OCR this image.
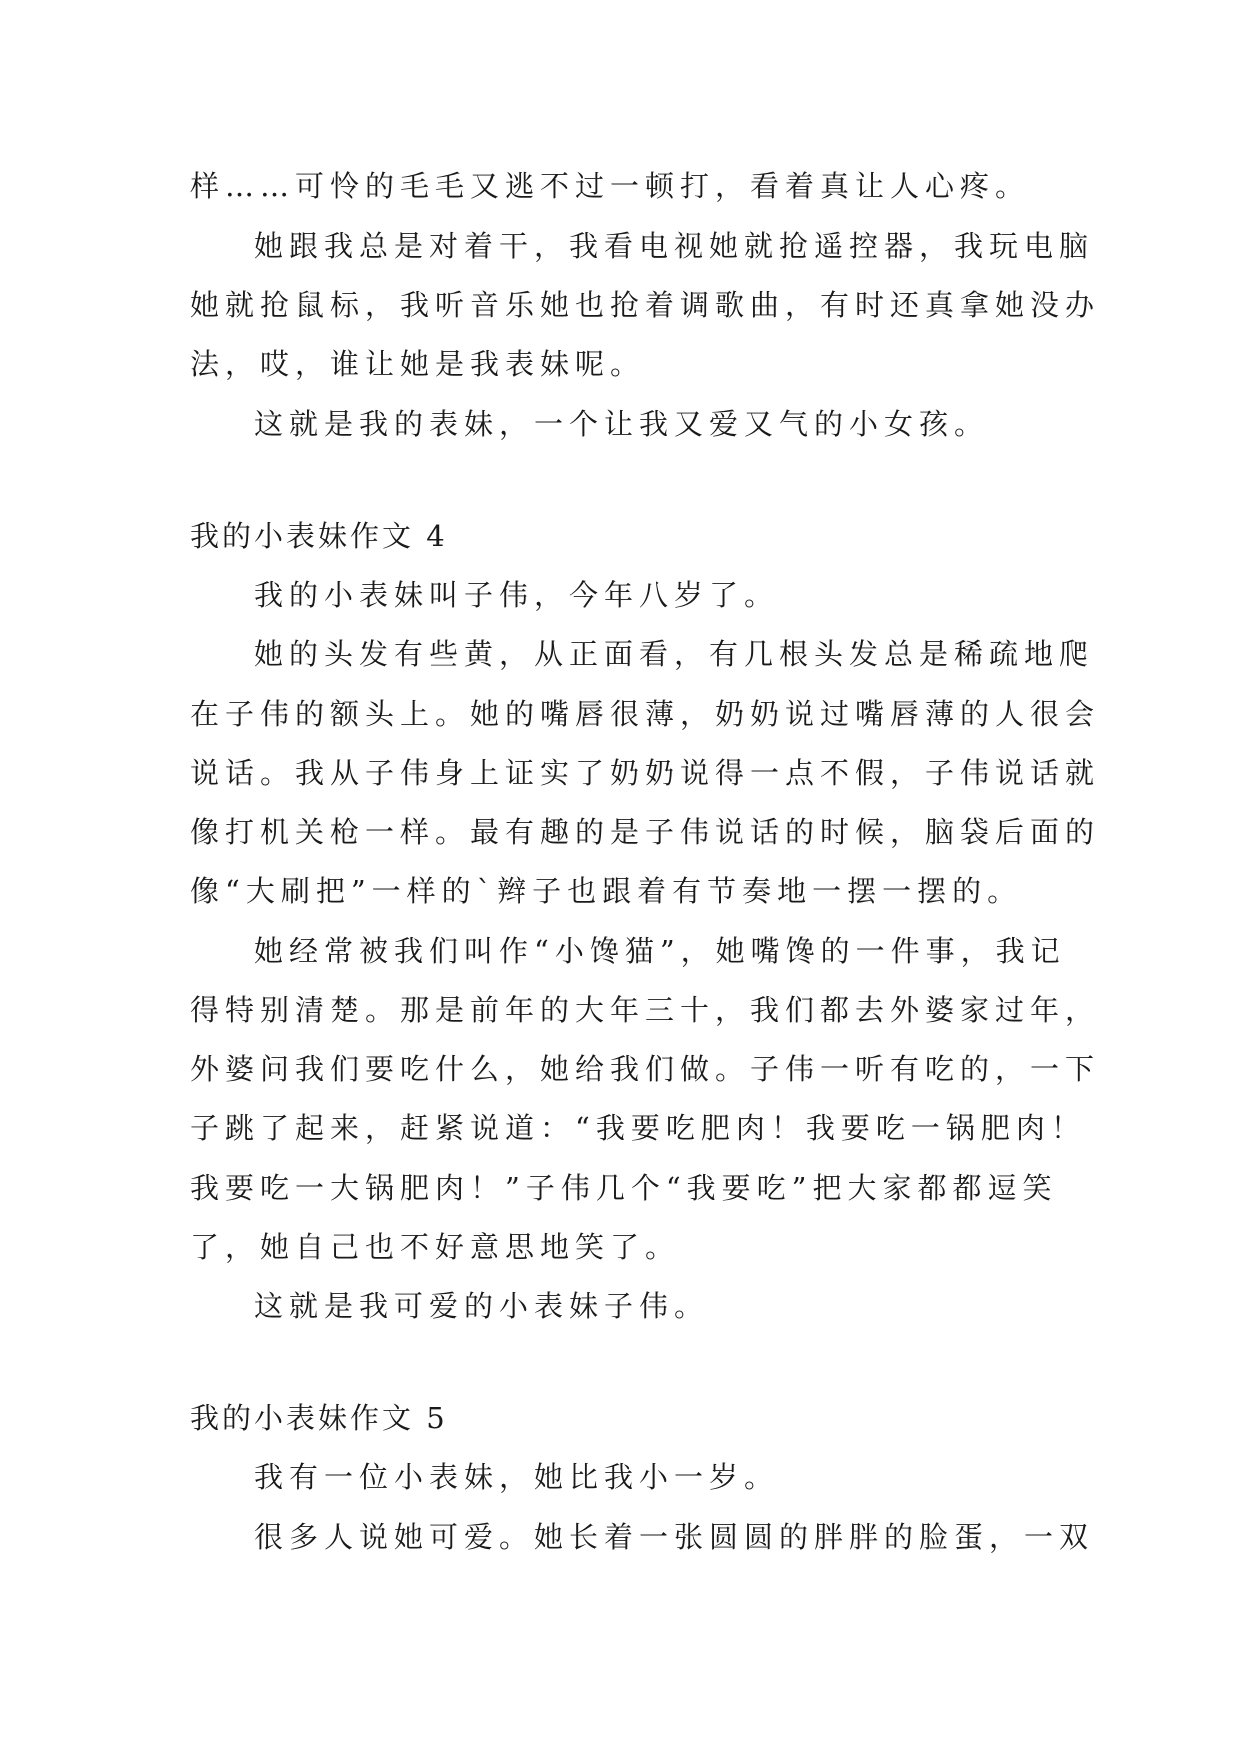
样……可怜的毛毛又逃不过一顿打，看着真让人心疼。
她跟我总是对着干，我看电视她就抢遥控器，我玩电脑
她就抢鼠标，我听音乐她也抢着调歌曲，有时还真拿她没办
法，哎，谁让她是我表妹呢。
这就是我的表妹，一个让我又爱又气的小女孩。
我的小表妹作文 4
我的小表妹叫子伟，今年八岁了。
她的头发有些黄，从正面看，有几根头发总是稀疏地爬
在子伟的额头上。她的嘴唇很薄，奶奶说过嘴唇薄的人很会
说话。我从子伟身上证实了奶奶说得一点不假，子伟说话就
像打机关枪一样。最有趣的是子伟说话的时候，脑袋后面的
像“大刷把”一样的`辫子也跟着有节奏地一摆一摆的。
她经常被我们叫作“小馋猫”，她嘴馋的一件事，我记
得特别清楚。那是前年的大年三十，我们都去外婆家过年，
外婆问我们要吃什么，她给我们做。子伟一听有吃的，一下
子跳了起来，赶紧说道：“我要吃肥肉！我要吃一锅肥肉！
我要吃一大锅肥肉！”子伟几个“我要吃”把大家都都逗笑
了，她自己也不好意思地笑了。
这就是我可爱的小表妹子伟。
我的小表妹作文 5
我有一位小表妹，她比我小一岁。
很多人说她可爱。她长着一张圆圆的胖胖的脸蛋，一双
